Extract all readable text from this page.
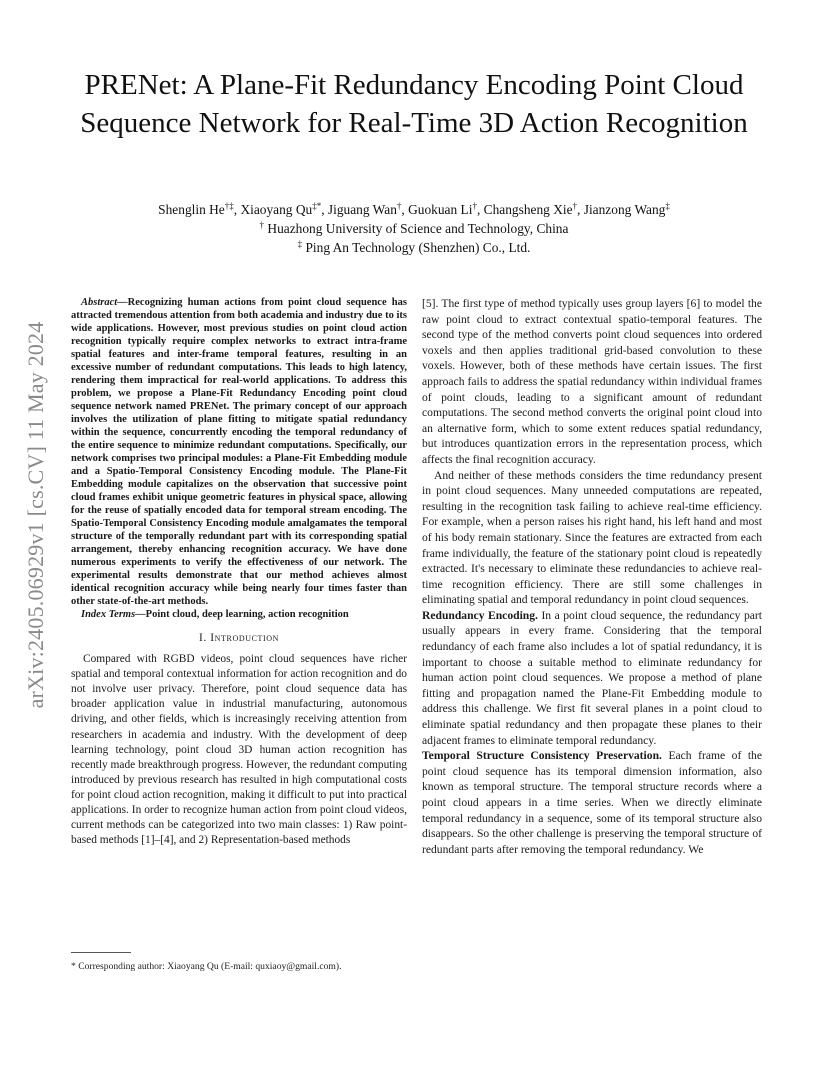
arXiv:2405.06929v1 [cs.CV] 11 May 2024
PRENet: A Plane-Fit Redundancy Encoding Point Cloud Sequence Network for Real-Time 3D Action Recognition
Shenglin He†‡, Xiaoyang Qu‡*, Jiguang Wan†, Guokuan Li†, Changsheng Xie†, Jianzong Wang‡
† Huazhong University of Science and Technology, China
‡ Ping An Technology (Shenzhen) Co., Ltd.

Abstract—Recognizing human actions from point cloud sequence has attracted tremendous attention from both academia and industry due to its wide applications. However, most previous studies on point cloud action recognition typically require complex networks to extract intra-frame spatial features and inter-frame temporal features, resulting in an excessive number of redundant computations. This leads to high latency, rendering them impractical for real-world applications. To address this problem, we propose a Plane-Fit Redundancy Encoding point cloud sequence network named PRENet. The primary concept of our approach involves the utilization of plane fitting to mitigate spatial redundancy within the sequence, concurrently encoding the temporal redundancy of the entire sequence to minimize redundant computations. Specifically, our network comprises two principal modules: a Plane-Fit Embedding module and a Spatio-Temporal Consistency Encoding module. The Plane-Fit Embedding module capitalizes on the observation that successive point cloud frames exhibit unique geometric features in physical space, allowing for the reuse of spatially encoded data for temporal stream encoding. The Spatio-Temporal Consistency Encoding module amalgamates the temporal structure of the temporally redundant part with its corresponding spatial arrangement, thereby enhancing recognition accuracy. We have done numerous experiments to verify the effectiveness of our network. The experimental results demonstrate that our method achieves almost identical recognition accuracy while being nearly four times faster than other state-of-the-art methods.

Index Terms—Point cloud, deep learning, action recognition

I. Introduction

Compared with RGBD videos, point cloud sequences have richer spatial and temporal contextual information for action recognition and do not involve user privacy. Therefore, point cloud sequence data has broader application value in industrial manufacturing, autonomous driving, and other fields, which is increasingly receiving attention from researchers in academia and industry. With the development of deep learning technology, point cloud 3D human action recognition has recently made breakthrough progress. However, the redundant computing introduced by previous research has resulted in high computational costs for point cloud action recognition, making it difficult to put into practical applications. In order to recognize human action from point cloud videos, current methods can be categorized into two main classes: 1) Raw point-based methods [1]–[4], and 2) Representation-based methods

* Corresponding author: Xiaoyang Qu (E-mail: quxiaoy@gmail.com).

[5]. The first type of method typically uses group layers [6] to model the raw point cloud to extract contextual spatio-temporal features. The second type of the method converts point cloud sequences into ordered voxels and then applies traditional grid-based convolution to these voxels. However, both of these methods have certain issues. The first approach fails to address the spatial redundancy within individual frames of point clouds, leading to a significant amount of redundant computations. The second method converts the original point cloud into an alternative form, which to some extent reduces spatial redundancy, but introduces quantization errors in the representation process, which affects the final recognition accuracy.

And neither of these methods considers the time redundancy present in point cloud sequences. Many unneeded computations are repeated, resulting in the recognition task failing to achieve real-time efficiency. For example, when a person raises his right hand, his left hand and most of his body remain stationary. Since the features are extracted from each frame individually, the feature of the stationary point cloud is repeatedly extracted. It's necessary to eliminate these redundancies to achieve real-time recognition efficiency. There are still some challenges in eliminating spatial and temporal redundancy in point cloud sequences.

Redundancy Encoding. In a point cloud sequence, the redundancy part usually appears in every frame. Considering that the temporal redundancy of each frame also includes a lot of spatial redundancy, it is important to choose a suitable method to eliminate redundancy for human action point cloud sequences. We propose a method of plane fitting and propagation named the Plane-Fit Embedding module to address this challenge. We first fit several planes in a point cloud to eliminate spatial redundancy and then propagate these planes to their adjacent frames to eliminate temporal redundancy.

Temporal Structure Consistency Preservation. Each frame of the point cloud sequence has its temporal dimension information, also known as temporal structure. The temporal structure records where a point cloud appears in a time series. When we directly eliminate temporal redundancy in a sequence, some of its temporal structure also disappears. So the other challenge is preserving the temporal structure of redundant parts after removing the temporal redundancy. We
